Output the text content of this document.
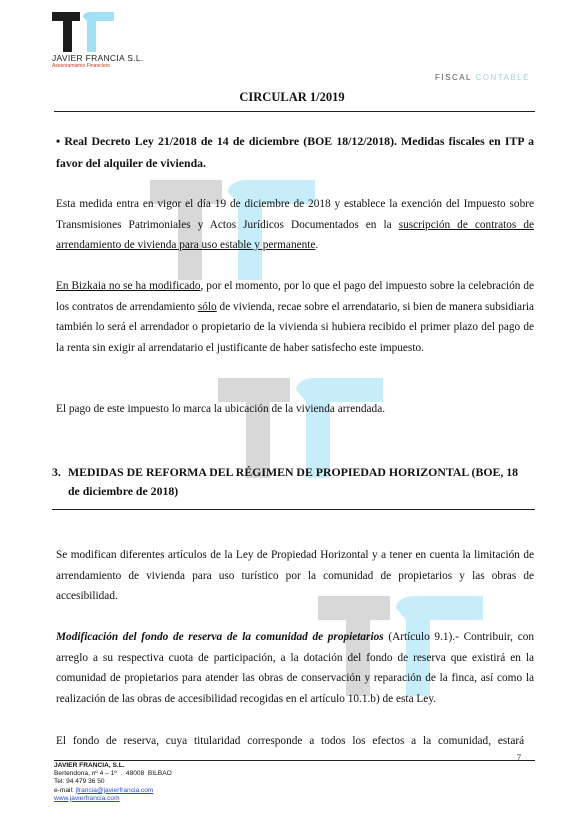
JAVIER FRANCIA S.L.
Asesoramiento Financiero
FISCAL CONTABLE
CIRCULAR 1/2019

• Real Decreto Ley 21/2018 de 14 de diciembre (BOE 18/12/2018). Medidas fiscales en ITP a favor del alquiler de vivienda.

Esta medida entra en vigor el día 19 de diciembre de 2018 y establece la exención del Impuesto sobre Transmisiones Patrimoniales y Actos Jurídicos Documentados en la suscripción de contratos de arrendamiento de vivienda para uso estable y permanente.

En Bizkaia no se ha modificado, por el momento, por lo que el pago del impuesto sobre la celebración de los contratos de arrendamiento sólo de vivienda, recae sobre el arrendatario, si bien de manera subsidiaria también lo será el arrendador o propietario de la vivienda si hubiera recibido el primer plazo del pago de la renta sin exigir al arrendatario el justificante de haber satisfecho este impuesto.

El pago de este impuesto lo marca la ubicación de la vivienda arrendada.

3. MEDIDAS DE REFORMA DEL RÉGIMEN DE PROPIEDAD HORIZONTAL (BOE, 18
de diciembre de 2018)

Se modifican diferentes artículos de la Ley de Propiedad Horizontal y a tener en cuenta la limitación de arrendamiento de vivienda para uso turístico por la comunidad de propietarios y las obras de accesibilidad.

Modificación del fondo de reserva de la comunidad de propietarios (Artículo 9.1).- Contribuir, con arreglo a su respectiva cuota de participación, a la dotación del fondo de reserva que existirá en la comunidad de propietarios para atender las obras de conservación y reparación de la finca, así como la realización de las obras de accesibilidad recogidas en el artículo 10.1.b) de esta Ley.

El fondo de reserva, cuya titularidad corresponde a todos los efectos a la comunidad, estará

7
JAVIER FRANCIA, S.L.
Bertendona, nº 4 – 1º  .  48008  BILBAO
Tel: 94 479 36 50
e-mail: jfrancia@javierfrancia.com
www.javierfrancia.com
